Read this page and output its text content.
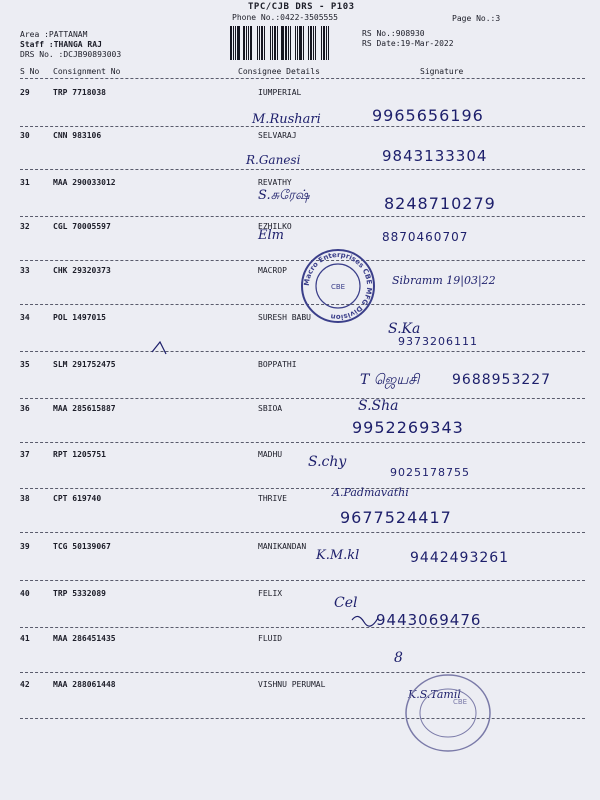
TPC/CJB DRS - P103
Phone No.:0422-3505555	Page No.:3
RS No.:908930
RS Date:19-Mar-2022
Area :PATTANAM
Staff :THANGA RAJ
DRS No. :DCJB90893003
S No Consignment No	Consignee Details	Signature
29	TRP 7718038	IUMPERIAL
M.Rushari	9965656196
30	CNN 983106	SELVARAJ
R.Ganesi	9843133304
31	MAA 290033012	REVATHY
S.சுரேஷ்	8248710279
32	CGL 70005597	EZHILKO
Elm	8870460707
33	CHK 29320373	MACROP
Sibramm 19|03|22
34	POL 1497015	SURESH BABU
S.Ka
9373206111
35	SLM 291752475	BOPPATHI
T ஜெயசி 9688953227
36	MAA 285615887	SBIOA	S.Sha
9952269343
37	RPT 1205751	MADHU S.chy
9025178755
38	CPT 619740	THRIVE	A.Padmavathi
9677524417
39	TCG 50139067	MANIKANDAN
K.M.kl	9442493261
40	TRP 5332089	FELIX
Cel
9443069476
41	MAA 286451435	FLUID
8
42	MAA 288061448	VISHNU PERUMAL
K.S.Tamil
Macro Enterprises CBE MFG Division
CBE
CBE
